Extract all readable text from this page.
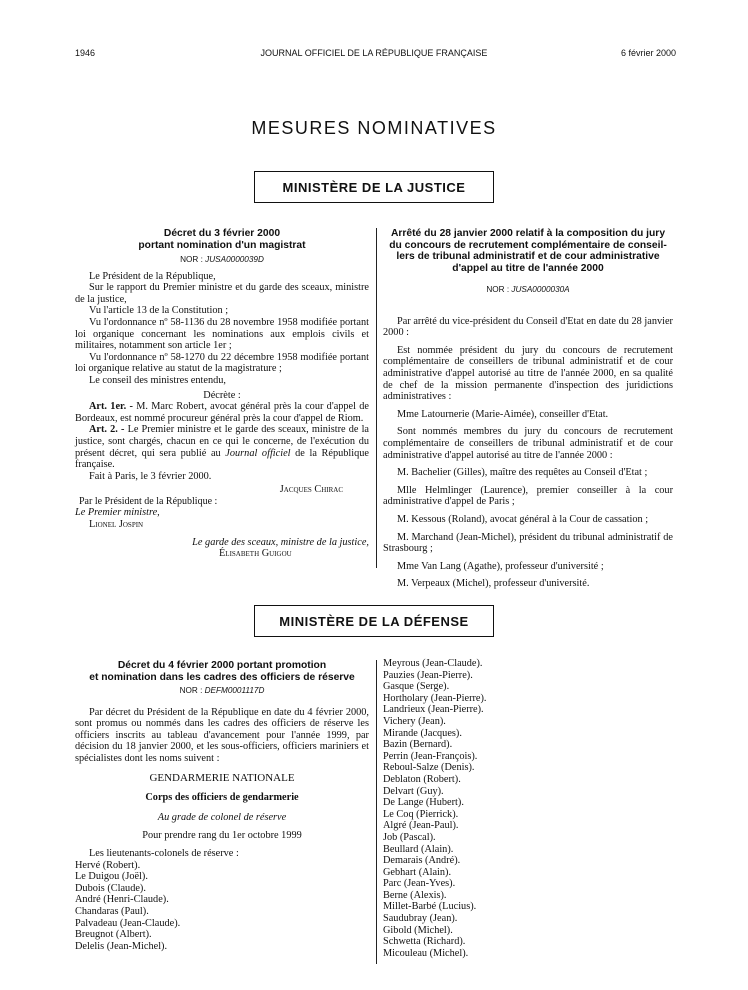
1946	JOURNAL OFFICIEL DE LA RÉPUBLIQUE FRANÇAISE	6 février 2000
MESURES NOMINATIVES
MINISTÈRE DE LA JUSTICE
Décret du 3 février 2000
portant nomination d'un magistrat
NOR : JUSA0000039D

Le Président de la République,

Sur le rapport du Premier ministre et du garde des sceaux, ministre de la justice,

Vu l'article 13 de la Constitution ;

Vu l'ordonnance nº 58-1136 du 28 novembre 1958 modifiée portant loi organique concernant les nominations aux emplois civils et militaires, notamment son article 1er ;

Vu l'ordonnance nº 58-1270 du 22 décembre 1958 modifiée portant loi organique relative au statut de la magistrature ;

Le conseil des ministres entendu,

Décrète :

Art. 1er. - M. Marc Robert, avocat général près la cour d'appel de Bordeaux, est nommé procureur général près la cour d'appel de Riom.

Art. 2. - Le Premier ministre et le garde des sceaux, ministre de la justice, sont chargés, chacun en ce qui le concerne, de l'exécution du présent décret, qui sera publié au Journal officiel de la République française.

Fait à Paris, le 3 février 2000.

Jacques Chirac

Par le Président de la République :

Le Premier ministre,

Lionel Jospin

Le garde des sceaux, ministre de la justice,

Élisabeth Guigou

Arrêté du 28 janvier 2000 relatif à la composition du jury
du concours de recrutement complémentaire de conseil-
lers de tribunal administratif et de cour administrative
d'appel au titre de l'année 2000
NOR : JUSA0000030A

Par arrêté du vice-président du Conseil d'Etat en date du 28 janvier 2000 :

Est nommée président du jury du concours de recrutement complémentaire de conseillers de tribunal administratif et de cour administrative d'appel autorisé au titre de l'année 2000, en sa qualité de chef de la mission permanente d'inspection des juridictions administratives :

Mme Latournerie (Marie-Aimée), conseiller d'Etat.

Sont nommés membres du jury du concours de recrutement complémentaire de conseillers de tribunal administratif et de cour administrative d'appel autorisé au titre de l'année 2000 :

M. Bachelier (Gilles), maître des requêtes au Conseil d'Etat ;

Mlle Helmlinger (Laurence), premier conseiller à la cour administrative d'appel de Paris ;

M. Kessous (Roland), avocat général à la Cour de cassation ;

M. Marchand (Jean-Michel), président du tribunal administratif de Strasbourg ;

Mme Van Lang (Agathe), professeur d'université ;

M. Verpeaux (Michel), professeur d'université.

MINISTÈRE DE LA DÉFENSE
Décret du 4 février 2000 portant promotion
et nomination dans les cadres des officiers de réserve
NOR : DEFM0001117D

Par décret du Président de la République en date du 4 février 2000, sont promus ou nommés dans les cadres des officiers de réserve les officiers inscrits au tableau d'avancement pour l'année 1999, par décision du 18 janvier 2000, et les sous-officiers, officiers mariniers et spécialistes dont les noms suivent :

GENDARMERIE NATIONALE

Corps des officiers de gendarmerie

Au grade de colonel de réserve

Pour prendre rang du 1er octobre 1999

Les lieutenants-colonels de réserve :

Hervé (Robert).
Le Duigou (Joël).
Dubois (Claude).
André (Henri-Claude).
Chandaras (Paul).
Palvadeau (Jean-Claude).
Breugnot (Albert).
Delelis (Jean-Michel).
Meyrous (Jean-Claude).
Pauzies (Jean-Pierre).
Gasque (Serge).
Hortholary (Jean-Pierre).
Landrieux (Jean-Pierre).
Vichery (Jean).
Mirande (Jacques).
Bazin (Bernard).
Perrin (Jean-François).
Reboul-Salze (Denis).
Deblaton (Robert).
Delvart (Guy).
De Lange (Hubert).
Le Coq (Pierrick).
Algré (Jean-Paul).
Job (Pascal).
Beullard (Alain).
Demarais (André).
Gebhart (Alain).
Parc (Jean-Yves).
Berne (Alexis).
Millet-Barbé (Lucius).
Saudubray (Jean).
Gibold (Michel).
Schwetta (Richard).
Micouleau (Michel).
